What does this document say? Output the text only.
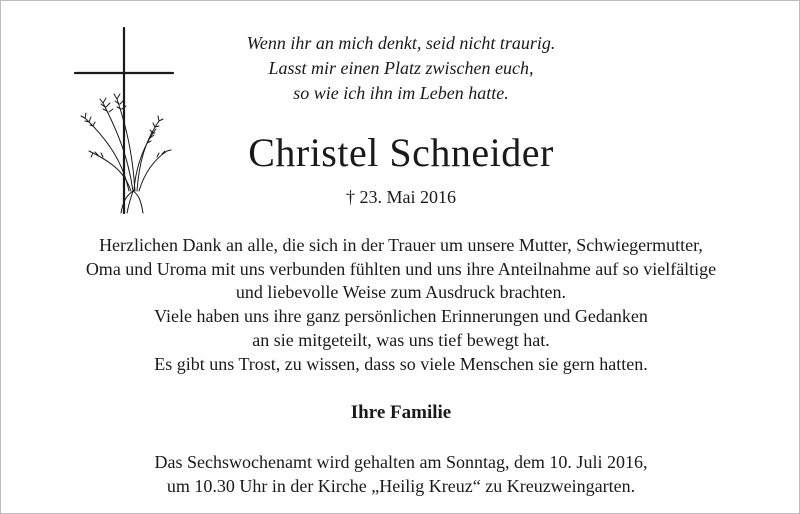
Wenn ihr an mich denkt, seid nicht traurig.
Lasst mir einen Platz zwischen euch,
so wie ich ihn im Leben hatte.
Christel Schneider
† 23. Mai 2016
Herzlichen Dank an alle, die sich in der Trauer um unsere Mutter, Schwiegermutter,
Oma und Uroma mit uns verbunden fühlten und uns ihre Anteilnahme auf so vielfältige
und liebevolle Weise zum Ausdruck brachten.
Viele haben uns ihre ganz persönlichen Erinnerungen und Gedanken
an sie mitgeteilt, was uns tief bewegt hat.
Es gibt uns Trost, zu wissen, dass so viele Menschen sie gern hatten.
Ihre Familie
Das Sechswochenamt wird gehalten am Sonntag, dem 10. Juli 2016,
um 10.30 Uhr in der Kirche „Heilig Kreuz“ zu Kreuzweingarten.
